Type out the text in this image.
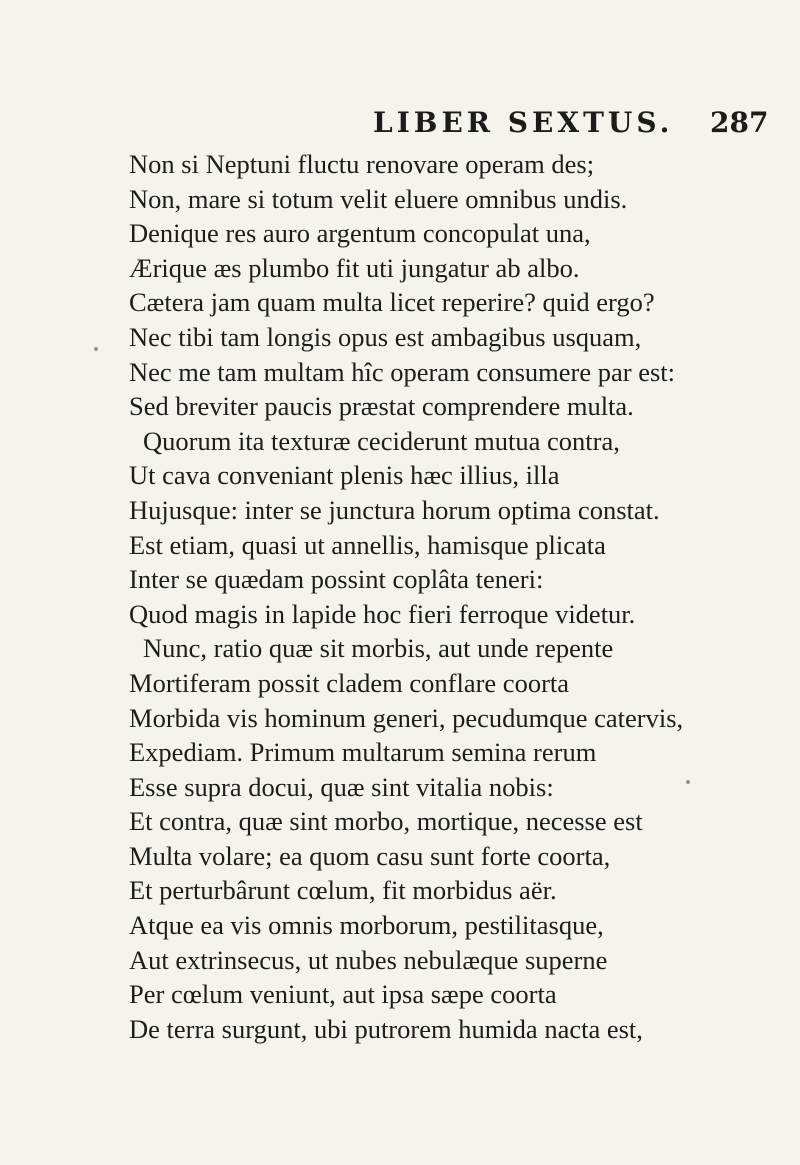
LIBER SEXTUS. 287
Non si Neptuni fluctu renovare operam des;
Non, mare si totum velit eluere omnibus undis.
Denique res auro argentum concopulat una,
Ærique æs plumbo fit uti jungatur ab albo.
Cætera jam quam multa licet reperire? quid ergo?
Nec tibi tam longis opus est ambagibus usquam,
Nec me tam multam hîc operam consumere par est:
Sed breviter paucis præstat comprendere multa.
Quorum ita texturæ ceciderunt mutua contra,
Ut cava conveniant plenis hæc illius, illa
Hujusque: inter se junctura horum optima constat.
Est etiam, quasi ut annellis, hamisque plicata
Inter se quædam possint coplâta teneri:
Quod magis in lapide hoc fieri ferroque videtur.
Nunc, ratio quæ sit morbis, aut unde repente
Mortiferam possit cladem conflare coorta
Morbida vis hominum generi, pecudumque catervis,
Expediam. Primum multarum semina rerum
Esse supra docui, quæ sint vitalia nobis:
Et contra, quæ sint morbo, mortique, necesse est
Multa volare; ea quom casu sunt forte coorta,
Et perturbârunt cœlum, fit morbidus aër.
Atque ea vis omnis morborum, pestilitasque,
Aut extrinsecus, ut nubes nebulæque superne
Per cœlum veniunt, aut ipsa sæpe coorta
De terra surgunt, ubi putrorem humida nacta est,
